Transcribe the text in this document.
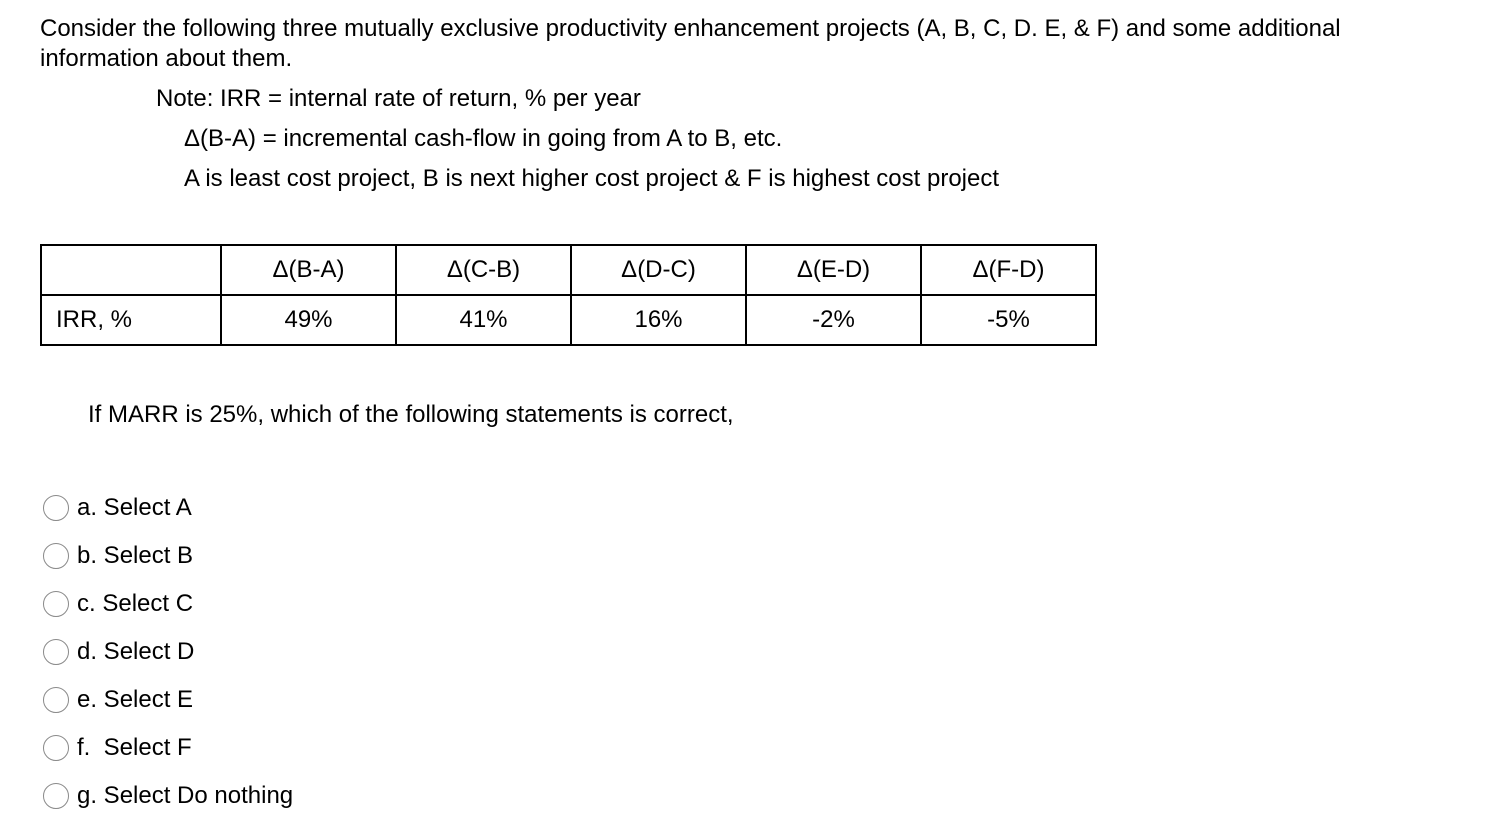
Consider the following three mutually exclusive productivity enhancement projects (A, B, C, D. E, & F) and some additional information about them.

Note: IRR = internal rate of return, % per year

Δ(B-A) = incremental cash-flow in going from A to B, etc.

A is least cost project, B is next higher cost project & F is highest cost project

	Δ(B-A)	Δ(C-B)	Δ(D-C)	Δ(E-D)	Δ(F-D)
IRR, %	49%	41%	16%	-2%	-5%

If MARR is 25%, which of the following statements is correct,

a. Select A
b. Select B
c. Select C
d. Select D
e. Select E
f.  Select F
g. Select Do nothing
